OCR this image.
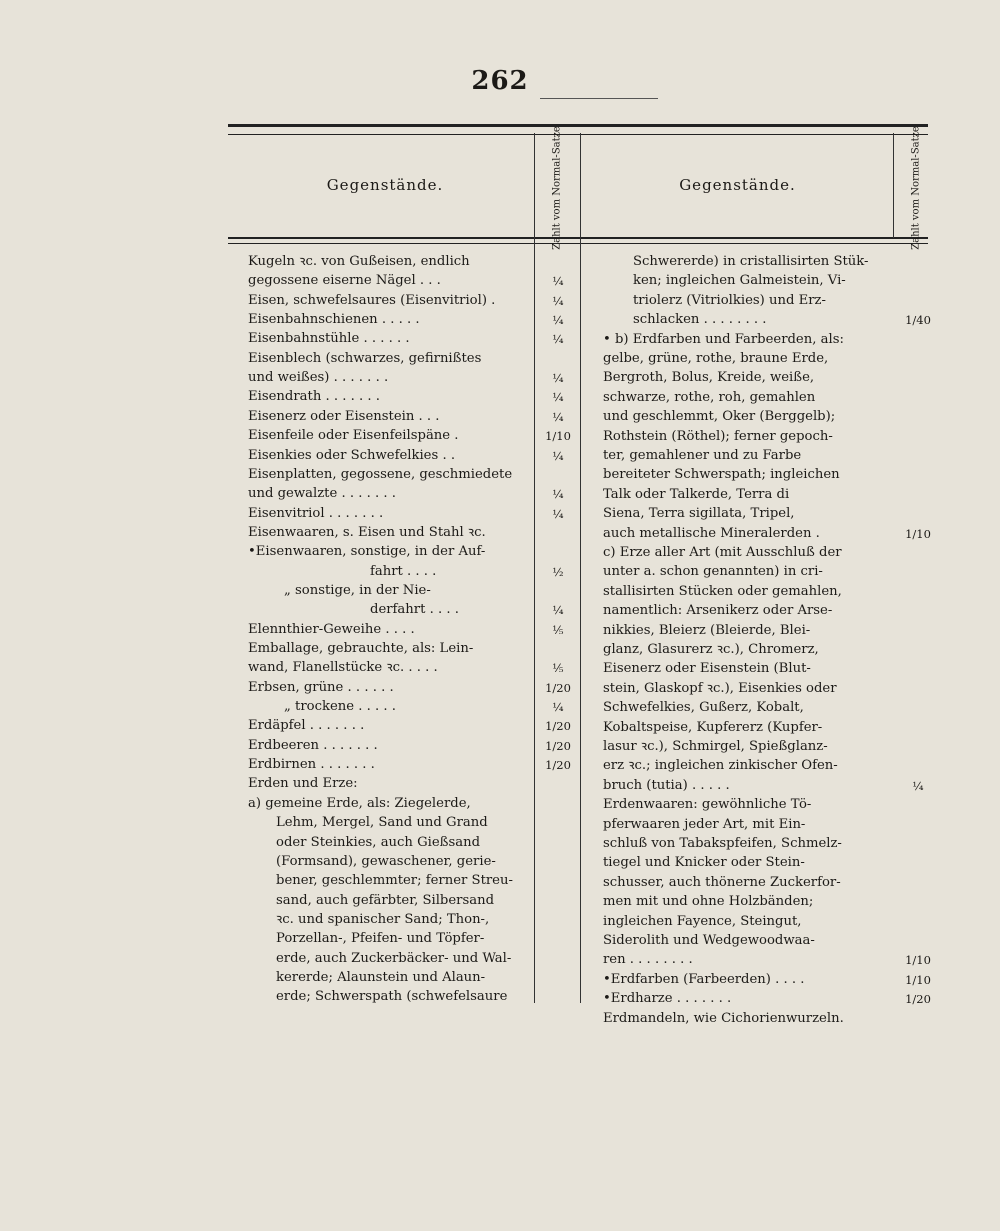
262
Gegenstände.	Zahlt vom Normal-Satze	Gegenstände.	Zahlt vom Normal-Satze
Kugeln ꝛc. von Gußeisen, endlich
gegossene eiserne Nägel . . .	¼
Eisen, schwefelsaures (Eisenvitriol) .	¼
Eisenbahnschienen . . . . .	¼
Eisenbahnstühle . . . . . .	¼
Eisenblech (schwarzes, gefirnißtes
und weißes) . . . . . . .	¼
Eisendrath . . . . . . .	¼
Eisenerz oder Eisenstein . . .	¼
Eisenfeile oder Eisenfeilspäne .	1/10
Eisenkies oder Schwefelkies . .	¼
Eisenplatten, gegossene, geschmiedete
und gewalzte . . . . . . .	¼
Eisenvitriol . . . . . . .	¼
Eisenwaaren, s. Eisen und Stahl ꝛc.
•Eisenwaaren, sonstige, in der Auf-
fahrt . . . .	½
„ sonstige, in der Nie-
derfahrt . . . .	¼
Elennthier-Geweihe . . . .	⅕
Emballage, gebrauchte, als: Lein-
wand, Flanellstücke ꝛc. . . . .	⅕
Erbsen, grüne . . . . . .	1/20
„ trockene . . . . .	¼
Erdäpfel . . . . . . .	1/20
Erdbeeren . . . . . . .	1/20
Erdbirnen . . . . . . .	1/20
Erden und Erze:
a) gemeine Erde, als: Ziegelerde,
Lehm, Mergel, Sand und Grand
oder Steinkies, auch Gießsand
(Formsand), gewaschener, gerie-
bener, geschlemmter; ferner Streu-
sand, auch gefärbter, Silbersand
ꝛc. und spanischer Sand; Thon-,
Porzellan-, Pfeifen- und Töpfer-
erde, auch Zuckerbäcker- und Wal-
kererde; Alaunstein und Alaun-
erde; Schwerspath (schwefelsaure
Schwererde) in cristallisirten Stük-
ken; ingleichen Galmeistein, Vi-
triolerz (Vitriolkies) und Erz-
schlacken . . . . . . . .	1/40
• b) Erdfarben und Farbeerden, als:
gelbe, grüne, rothe, braune Erde,
Bergroth, Bolus, Kreide, weiße,
schwarze, rothe, roh, gemahlen
und geschlemmt, Oker (Berggelb);
Rothstein (Röthel); ferner gepoch-
ter, gemahlener und zu Farbe
bereiteter Schwerspath; ingleichen
Talk oder Talkerde, Terra di
Siena, Terra sigillata, Tripel,
auch metallische Mineralerden .	1/10
c) Erze aller Art (mit Ausschluß der
unter a. schon genannten) in cri-
stallisirten Stücken oder gemahlen,
namentlich: Arsenikerz oder Arse-
nikkies, Bleierz (Bleierde, Blei-
glanz, Glasurerz ꝛc.), Chromerz,
Eisenerz oder Eisenstein (Blut-
stein, Glaskopf ꝛc.), Eisenkies oder
Schwefelkies, Gußerz, Kobalt,
Kobaltspeise, Kupfererz (Kupfer-
lasur ꝛc.), Schmirgel, Spießglanz-
erz ꝛc.; ingleichen zinkischer Ofen-
bruch (tutia) . . . . .	¼
Erdenwaaren: gewöhnliche Tö-
pferwaaren jeder Art, mit Ein-
schluß von Tabakspfeifen, Schmelz-
tiegel und Knicker oder Stein-
schusser, auch thönerne Zuckerfor-
men mit und ohne Holzbänden;
ingleichen Fayence, Steingut,
Siderolith und Wedgewoodwaa-
ren . . . . . . . .	1/10
•Erdfarben (Farbeerden) . . . .	1/10
•Erdharze . . . . . . .	1/20
Erdmandeln, wie Cichorienwurzeln.
